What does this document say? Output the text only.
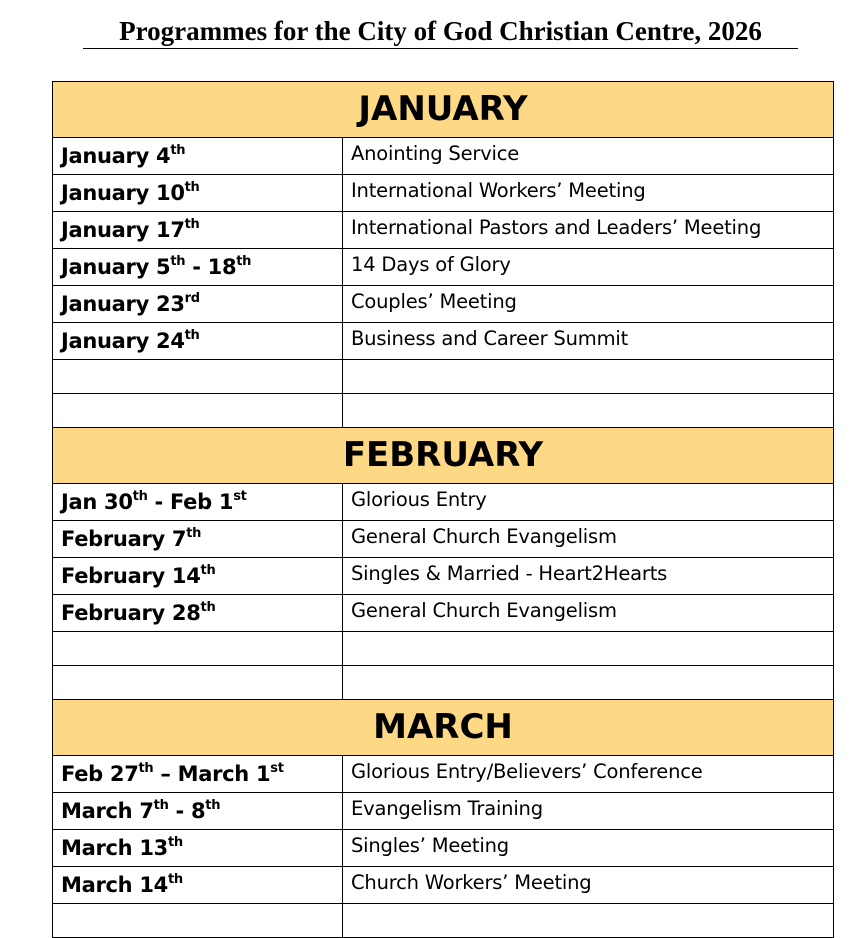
Programmes for the City of God Christian Centre, 2026
JANUARY	
January 4th	Anointing Service
January 10th	International Workers’ Meeting
January 17th	International Pastors and Leaders’ Meeting
January 5th - 18th	14 Days of Glory
January 23rd	Couples’ Meeting
January 24th	Business and Career Summit

FEBRUARY	
Jan 30th - Feb 1st	Glorious Entry
February 7th	General Church Evangelism
February 14th	Singles & Married - Heart2Hearts
February 28th	General Church Evangelism

MARCH	
Feb 27th – March 1st	Glorious Entry/Believers’ Conference
March 7th - 8th	Evangelism Training
March 13th	Singles’ Meeting
March 14th	Church Workers’ Meeting
